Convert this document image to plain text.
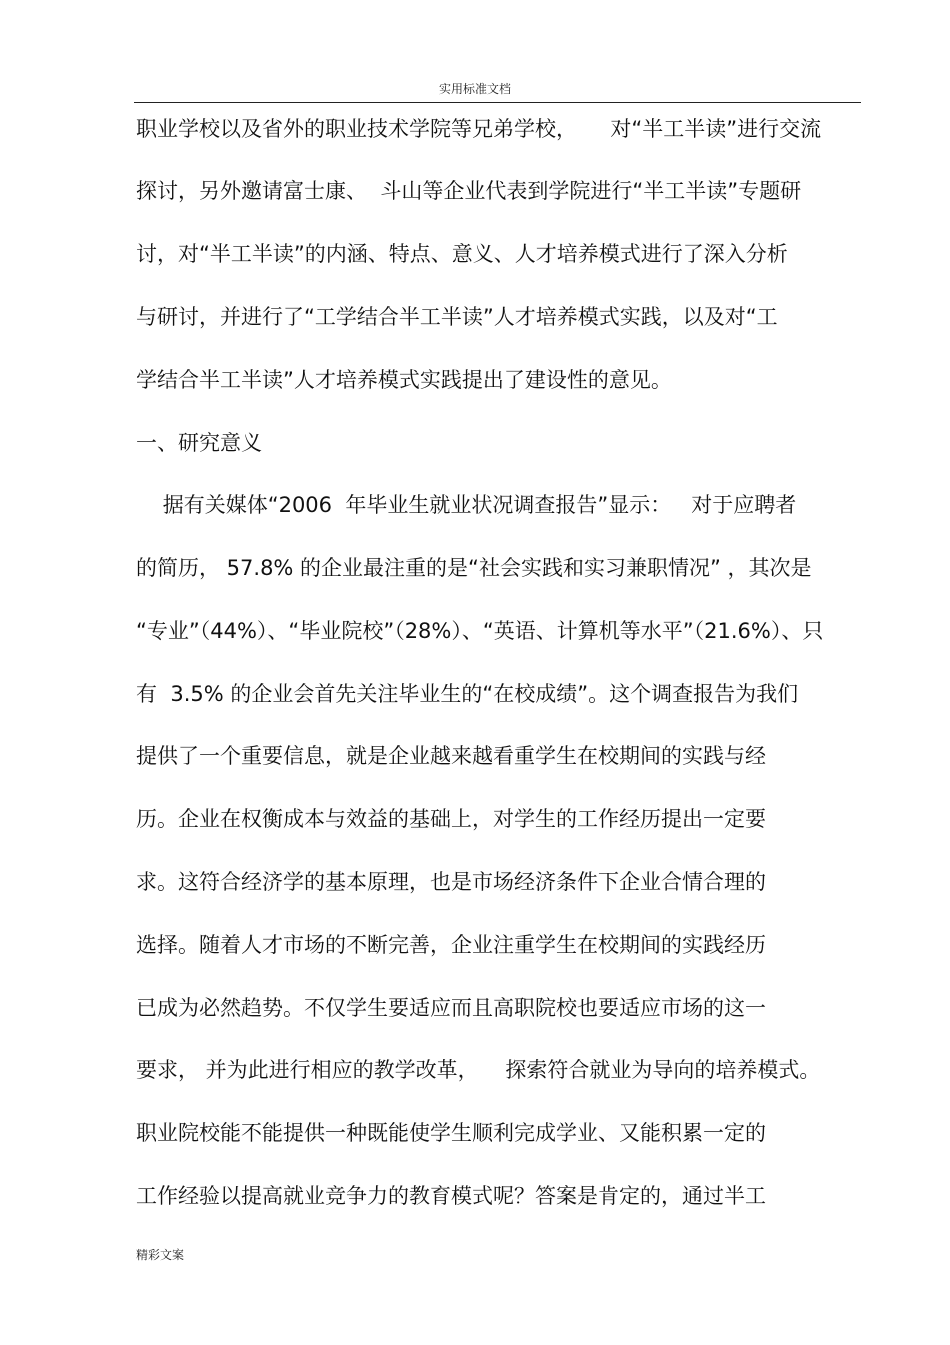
实用标准文档
职业学校以及省外的职业技术学院等兄弟学校，     对“半工半读”进行交流
探讨，另外邀请富士康、  斗山等企业代表到学院进行“半工半读”专题研
讨，对“半工半读”的内涵、特点、意义、人才培养模式进行了深入分析
与研讨，并进行了“工学结合半工半读”人才培养模式实践，以及对“工
学结合半工半读”人才培养模式实践提出了建设性的意见。
一、研究意义
据有关媒体“2006  年毕业生就业状况调查报告”显示：   对于应聘者
的简历， 57.8% 的企业最注重的是“社会实践和实习兼职情况” ，其次是
“专业”（44%）、“毕业院校”（28%）、“英语、计算机等水平”（21.6%）、只
有  3.5% 的企业会首先关注毕业生的“在校成绩”。这个调查报告为我们
提供了一个重要信息，就是企业越来越看重学生在校期间的实践与经
历。企业在权衡成本与效益的基础上，对学生的工作经历提出一定要
求。这符合经济学的基本原理，也是市场经济条件下企业合情合理的
选择。随着人才市场的不断完善，企业注重学生在校期间的实践经历
已成为必然趋势。不仅学生要适应而且高职院校也要适应市场的这一
要求， 并为此进行相应的教学改革，    探索符合就业为导向的培养模式。
职业院校能不能提供一种既能使学生顺利完成学业、又能积累一定的
工作经验以提高就业竞争力的教育模式呢？答案是肯定的，通过半工
精彩文案
